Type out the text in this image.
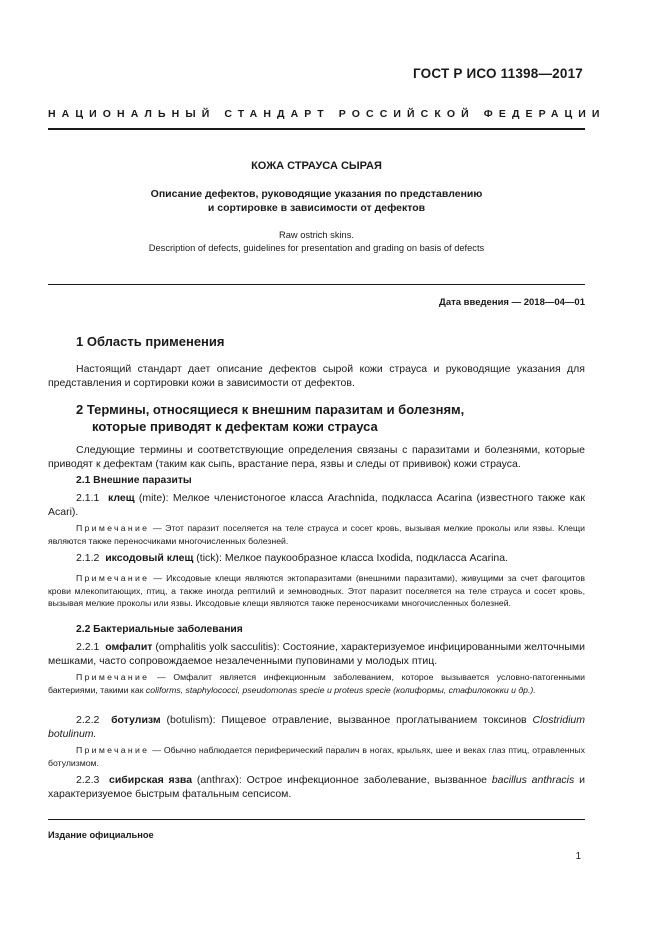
ГОСТ Р ИСО 11398—2017
НАЦИОНАЛЬНЫЙ СТАНДАРТ РОССИЙСКОЙ ФЕДЕРАЦИИ
КОЖА СТРАУСА СЫРАЯ
Описание дефектов, руководящие указания по представлению
и сортировке в зависимости от дефектов
Raw ostrich skins.
Description of defects, guidelines for presentation and grading on basis of defects
Дата введения — 2018—04—01
1 Область применения
Настоящий стандарт дает описание дефектов сырой кожи страуса и руководящие указания для представления и сортировки кожи в зависимости от дефектов.
2 Термины, относящиеся к внешним паразитам и болезням,
которые приводят к дефектам кожи страуса
Следующие термины и соответствующие определения связаны с паразитами и болезнями, которые приводят к дефектам (таким как сыпь, врастание пера, язвы и следы от прививок) кожи страуса.
2.1 Внешние паразиты
2.1.1 клещ (mite): Мелкое членистоногое класса Arachnida, подкласса Acarina (известного также как Acari).
Примечание — Этот паразит поселяется на теле страуса и сосет кровь, вызывая мелкие проколы или язвы. Клещи являются также переносчиками многочисленных болезней.
2.1.2 иксодовый клещ (tick): Мелкое паукообразное класса Ixodida, подкласса Acarina.
Примечание — Иксодовые клещи являются эктопаразитами (внешними паразитами), живущими за счет фагоцитов крови млекопитающих, птиц, а также иногда рептилий и земноводных. Этот паразит поселяется на теле страуса и сосет кровь, вызывая мелкие проколы или язвы. Иксодовые клещи являются также переносчиками многочисленных болезней.
2.2 Бактериальные заболевания
2.2.1 омфалит (omphalitis yolk sacculitis): Состояние, характеризуемое инфицированными желточными мешками, часто сопровождаемое незалеченными пуповинами у молодых птиц.
Примечание — Омфалит является инфекционным заболеванием, которое вызывается условно-патогенными бактериями, такими как coliforms, staphylococci, pseudomonas specie и proteus specie (колиформы, стафилококки и др.).
2.2.2 ботулизм (botulism): Пищевое отравление, вызванное проглатыванием токсинов Clostridium botulinum.
Примечание — Обычно наблюдается периферический паралич в ногах, крыльях, шее и веках глаз птиц, отравленных ботулизмом.
2.2.3 сибирская язва (anthrax): Острое инфекционное заболевание, вызванное bacillus anthracis и характеризуемое быстрым фатальным сепсисом.
Издание официальное
1
